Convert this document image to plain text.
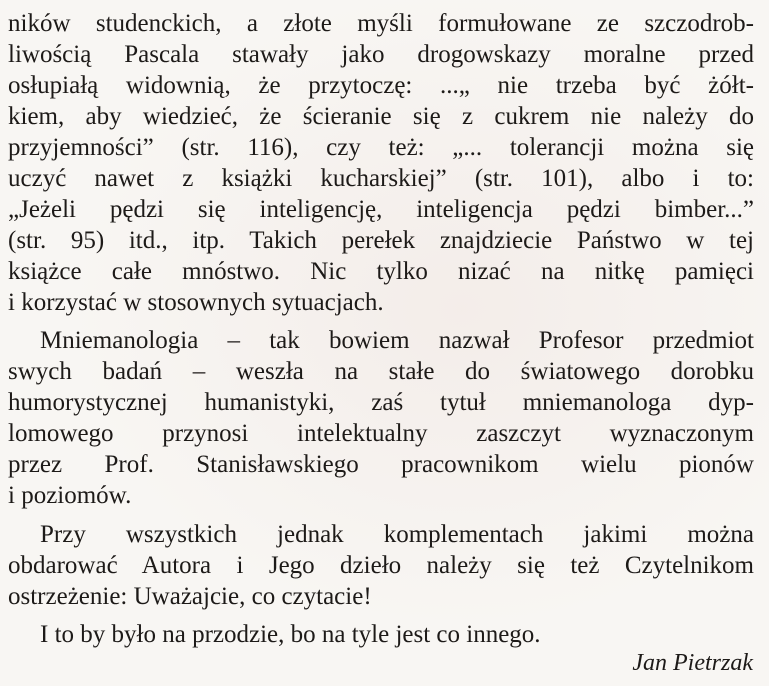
ników studenckich, a złote myśli formułowane ze szczodrob-
liwością Pascala stawały jako drogowskazy moralne przed
osłupiałą widownią, że przytoczę: ...„ nie trzeba być żółt-
kiem, aby wiedzieć, że ścieranie się z cukrem nie należy do
przyjemności” (str. 116), czy też: „... tolerancji można się
uczyć nawet z książki kucharskiej” (str. 101), albo i to:
„Jeżeli pędzi się inteligencję, inteligencja pędzi bimber...”
(str. 95) itd., itp. Takich perełek znajdziecie Państwo w tej
książce całe mnóstwo. Nic tylko nizać na nitkę pamięci
i korzystać w stosownych sytuacjach.
Mniemanologia – tak bowiem nazwał Profesor przedmiot
swych badań – weszła na stałe do światowego dorobku
humorystycznej humanistyki, zaś tytuł mniemanologa dyp-
lomowego przynosi intelektualny zaszczyt wyznaczonym
przez Prof. Stanisławskiego pracownikom wielu pionów
i poziomów.
Przy wszystkich jednak komplementach jakimi można
obdarować Autora i Jego dzieło należy się też Czytelnikom
ostrzeżenie: Uważajcie, co czytacie!
I to by było na przodzie, bo na tyle jest co innego.
Jan Pietrzak
